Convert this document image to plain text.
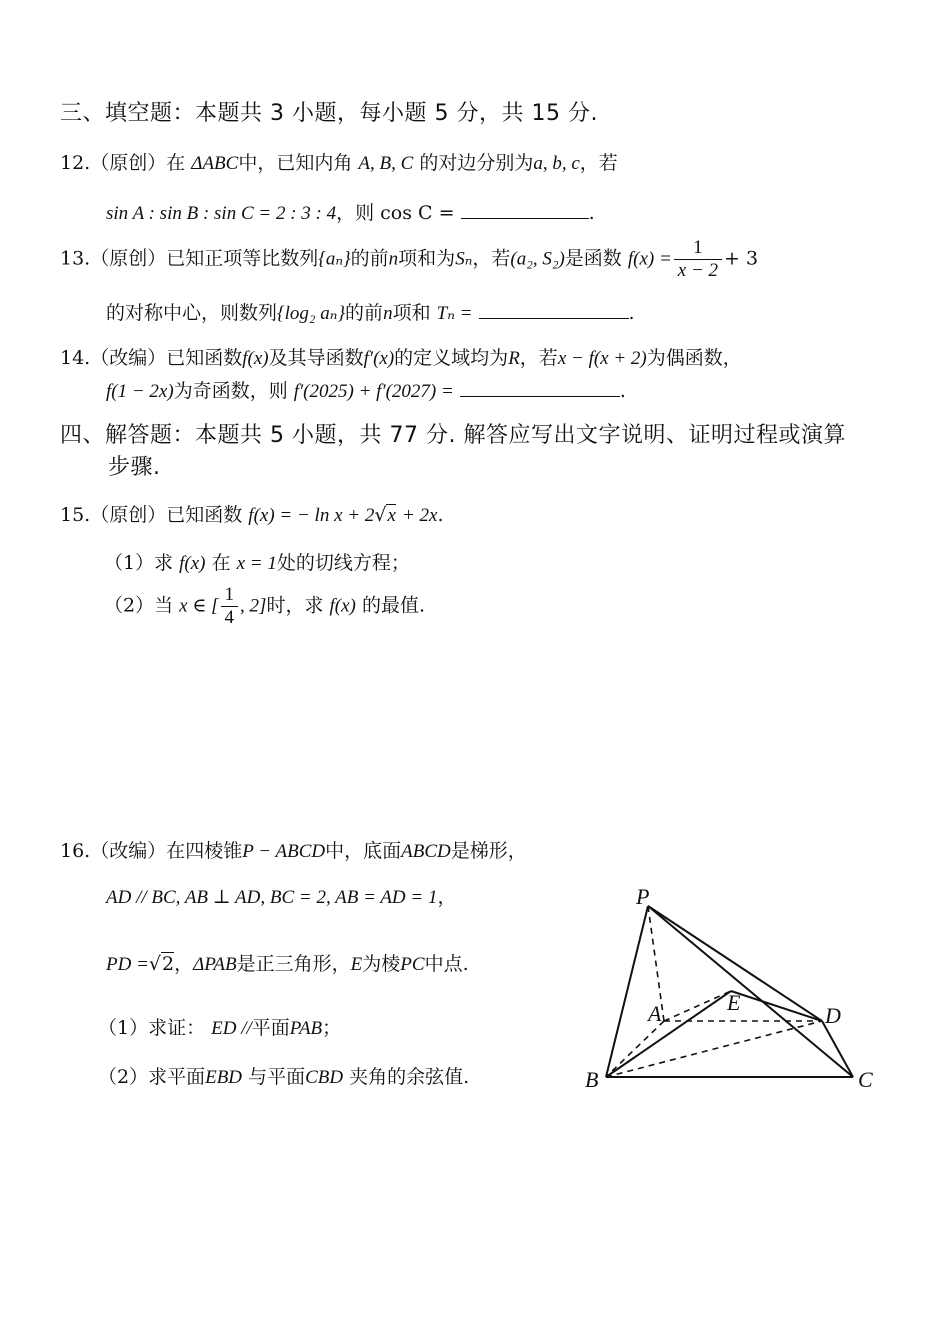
三、填空题：本题共 3 小题，每小题 5 分，共 15 分.
12.（原创）在 ΔABC中，已知内角 A, B, C 的对边分别为a, b, c，若
sin A : sin B : sin C = 2 : 3 : 4，则 cos C =	.
13.（原创）已知正项等比数列{aₙ}的前n项和为Sₙ，若(a₂, S₂)是函数 $f(x) = \frac{1}{x - 2} + 3$
的对称中心，则数列{log₂ aₙ}的前n项和 Tₙ =	.
14.（改编）已知函数f(x)及其导函数f′(x)的定义域均为R，若x − f(x + 2)为偶函数，
f(1 − 2x)为奇函数，则 f′(2025) + f′(2027) =	.
四、解答题：本题共 5 小题，共 77 分. 解答应写出文字说明、证明过程或演算
步骤.
15.（原创）已知函数 f(x) = − ln x + 2√x + 2x.
（1）求 f(x) 在 x = 1处的切线方程；
（2）当 x ∈ [ $\frac{1}{4}$ , 2]时，求 f(x) 的最值.
16.（改编）在四棱锥P − ABCD中，底面ABCD是梯形，
AD // BC, AB ⊥ AD, BC = 2, AB = AD = 1，
PD =√2，ΔPAB是正三角形，E为棱PC中点.
（1）求证： ED //平面PAB；
（2）求平面EBD 与平面CBD 夹角的余弦值.
P
A	E
D
B	C
